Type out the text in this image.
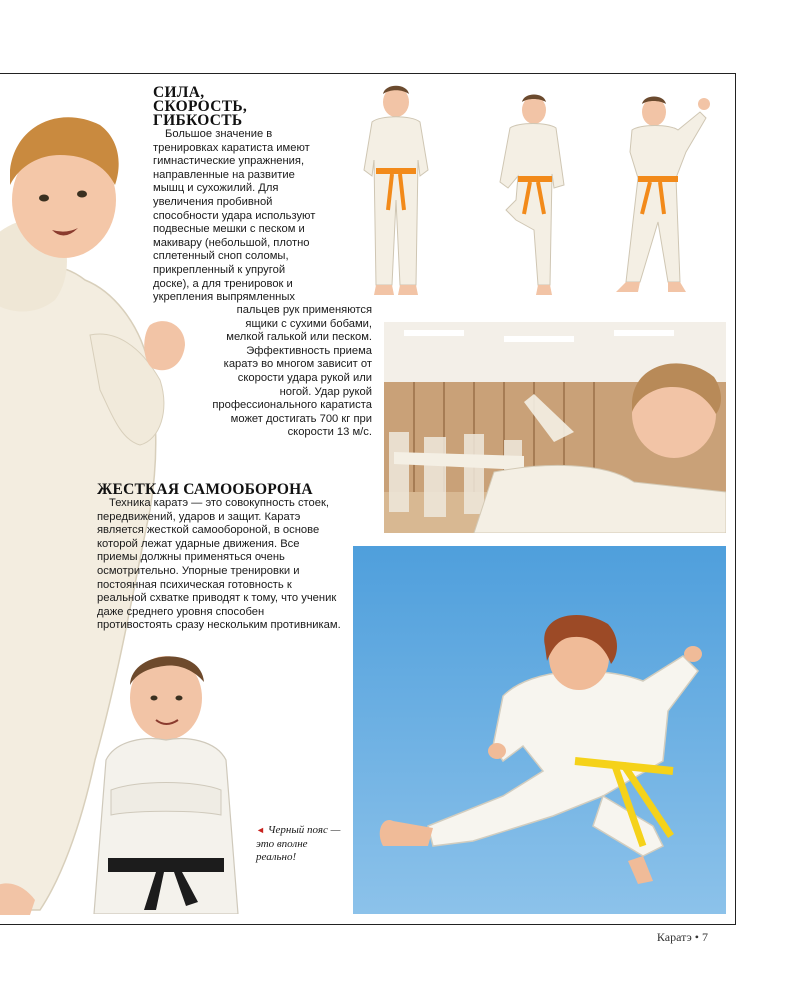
СИЛА,
СКОРОСТЬ,
ГИБКОСТЬ

Большое значение в тренировках каратиста имеют гимнастические упражнения, направленные на развитие мышц и сухожилий. Для увеличения пробивной способности удара используют подвесные мешки с песком и макивару (небольшой, плотно сплетенный сноп соломы, прикрепленный к упругой доске), а для тренировок и укрепления выпрямленных

пальцев рук применяются ящики с сухими бобами, мелкой галькой или песком. Эффективность приема каратэ во многом зависит от скорости удара рукой или ногой. Удар рукой профессионального каратиста может достигать 700 кг при скорости 13 м/с.

ЖЕСТКАЯ САМООБОРОНА

Техника каратэ — это совокупность стоек, передвижений, ударов и защит. Каратэ является жесткой самообороной, в основе которой лежат ударные движения. Все приемы должны применяться очень осмотрительно. Упорные тренировки и постоянная психическая готовность к реальной схватке приводят к тому, что ученик даже среднего уровня способен противостоять сразу нескольким противникам.

◄ Черный пояс — это вполне реально!
Каратэ • 7
